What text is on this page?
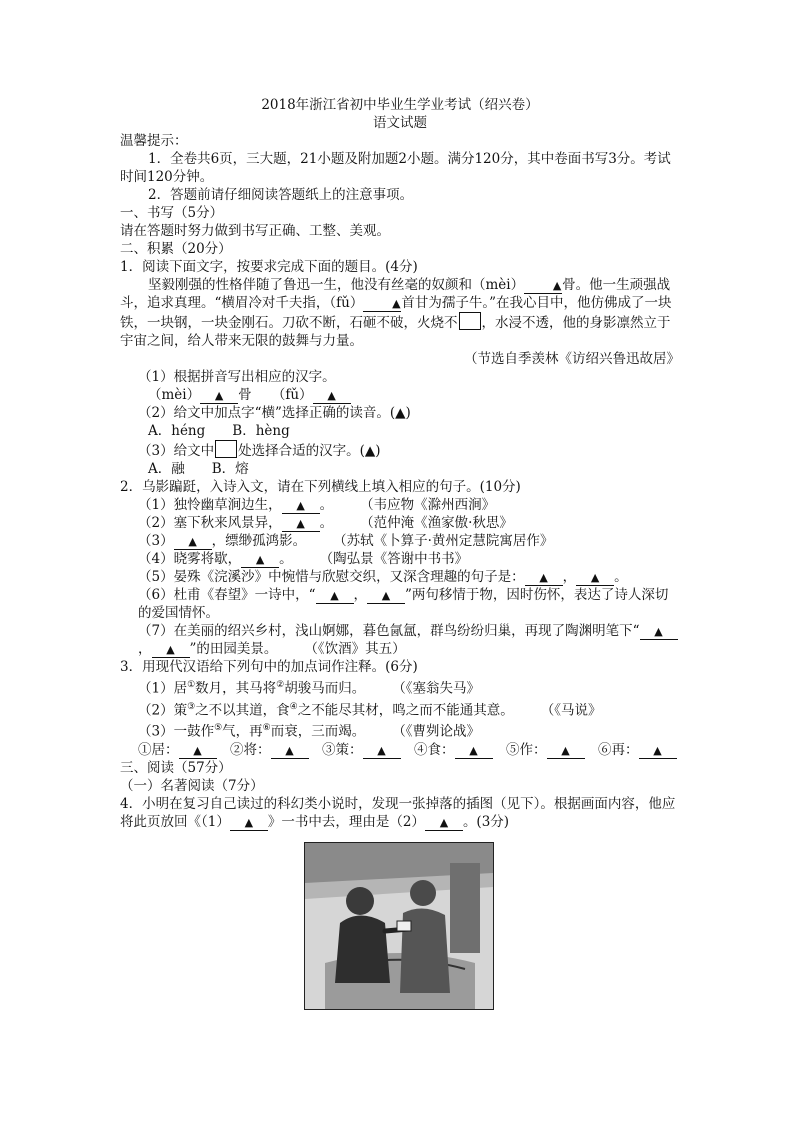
2018年浙江省初中毕业生学业考试（绍兴卷）

语文试题

温馨提示：

1．全卷共6页，三大题，21小题及附加题2小题。满分120分，其中卷面书写3分。考试时间120分钟。

2．答题前请仔细阅读答题纸上的注意事项。

一、书写（5分）

请在答题时努力做到书写正确、工整、美观。

二、积累（20分）

1．阅读下面文字，按要求完成下面的题目。(4分)

坚毅刚强的性格伴随了鲁迅一生，他没有丝毫的奴颜和（mèi）	▲骨。他一生顽强战斗，追求真理。“横眉冷对千夫指，（fǔ）	▲首甘为孺子牛。”在我心目中，他仿佛成了一块铁，一块钢，一块金刚石。刀砍不断，石砸不破，火烧不 ，水浸不透，他的身影凛然立于宇宙之间，给人带来无限的鼓舞与力量。

（节选自季羡林《访绍兴鲁迅故居》

（1）根据拼音写出相应的汉字。

（mèi） ▲ 骨　　 （fǔ） ▲

（2）给文中加点字“横”选择正确的读音。(▲)

A．héng　　B．hèng

（3）给文中 处选择合适的汉字。(▲)

A．融　　B．熔

2．乌影蹁跹，入诗入文，请在下列横线上填入相应的句子。(10分)

（1）独怜幽草涧边生， ▲ 。　　　（韦应物《滁州西涧》

（2）塞下秋来风景异， ▲ 。　　　（范仲淹《渔家傲·秋思》

（3） ▲ ，缥缈孤鸿影。　　　（苏轼《卜算子·黄州定慧院寓居作》

（4）晓雾将歇， ▲ 。　　　（陶弘景《答谢中书书》

（5）晏殊《浣溪沙》中惋惜与欣慰交织，又深含理趣的句子是： ▲ ， ▲ 。

（6）杜甫《春望》一诗中，“ ▲ ， ▲ ”两句移情于物，因时伤怀，表达了诗人深切的爱国情怀。

（7）在美丽的绍兴乡村，浅山婀娜，暮色氤氲，群鸟纷纷归巢，再现了陶渊明笔下“ ▲， ▲ ”的田园美景。　　　（《饮酒》其五）

3．用现代汉语给下列句中的加点词作注释。(6分)

（1）居①数月，其马将②胡骏马而归。　　　（《塞翁失马》

（2）策③之不以其道，食④之不能尽其材，鸣之而不能通其意。　　　（《马说》

（3）一鼓作⑤气，再⑥而衰，三而竭。　　　（《曹刿论战》

①居： ▲　 ②将： ▲　 ③策： ▲　 ④食： ▲　 ⑤作： ▲　 ⑥再： ▲

三、阅读（57分）

（一）名著阅读（7分）

4．小明在复习自己读过的科幻类小说时，发现一张掉落的插图（见下）。根据画面内容，他应将此页放回《（1） ▲ 》一书中去，理由是（2） ▲ 。(3分)
